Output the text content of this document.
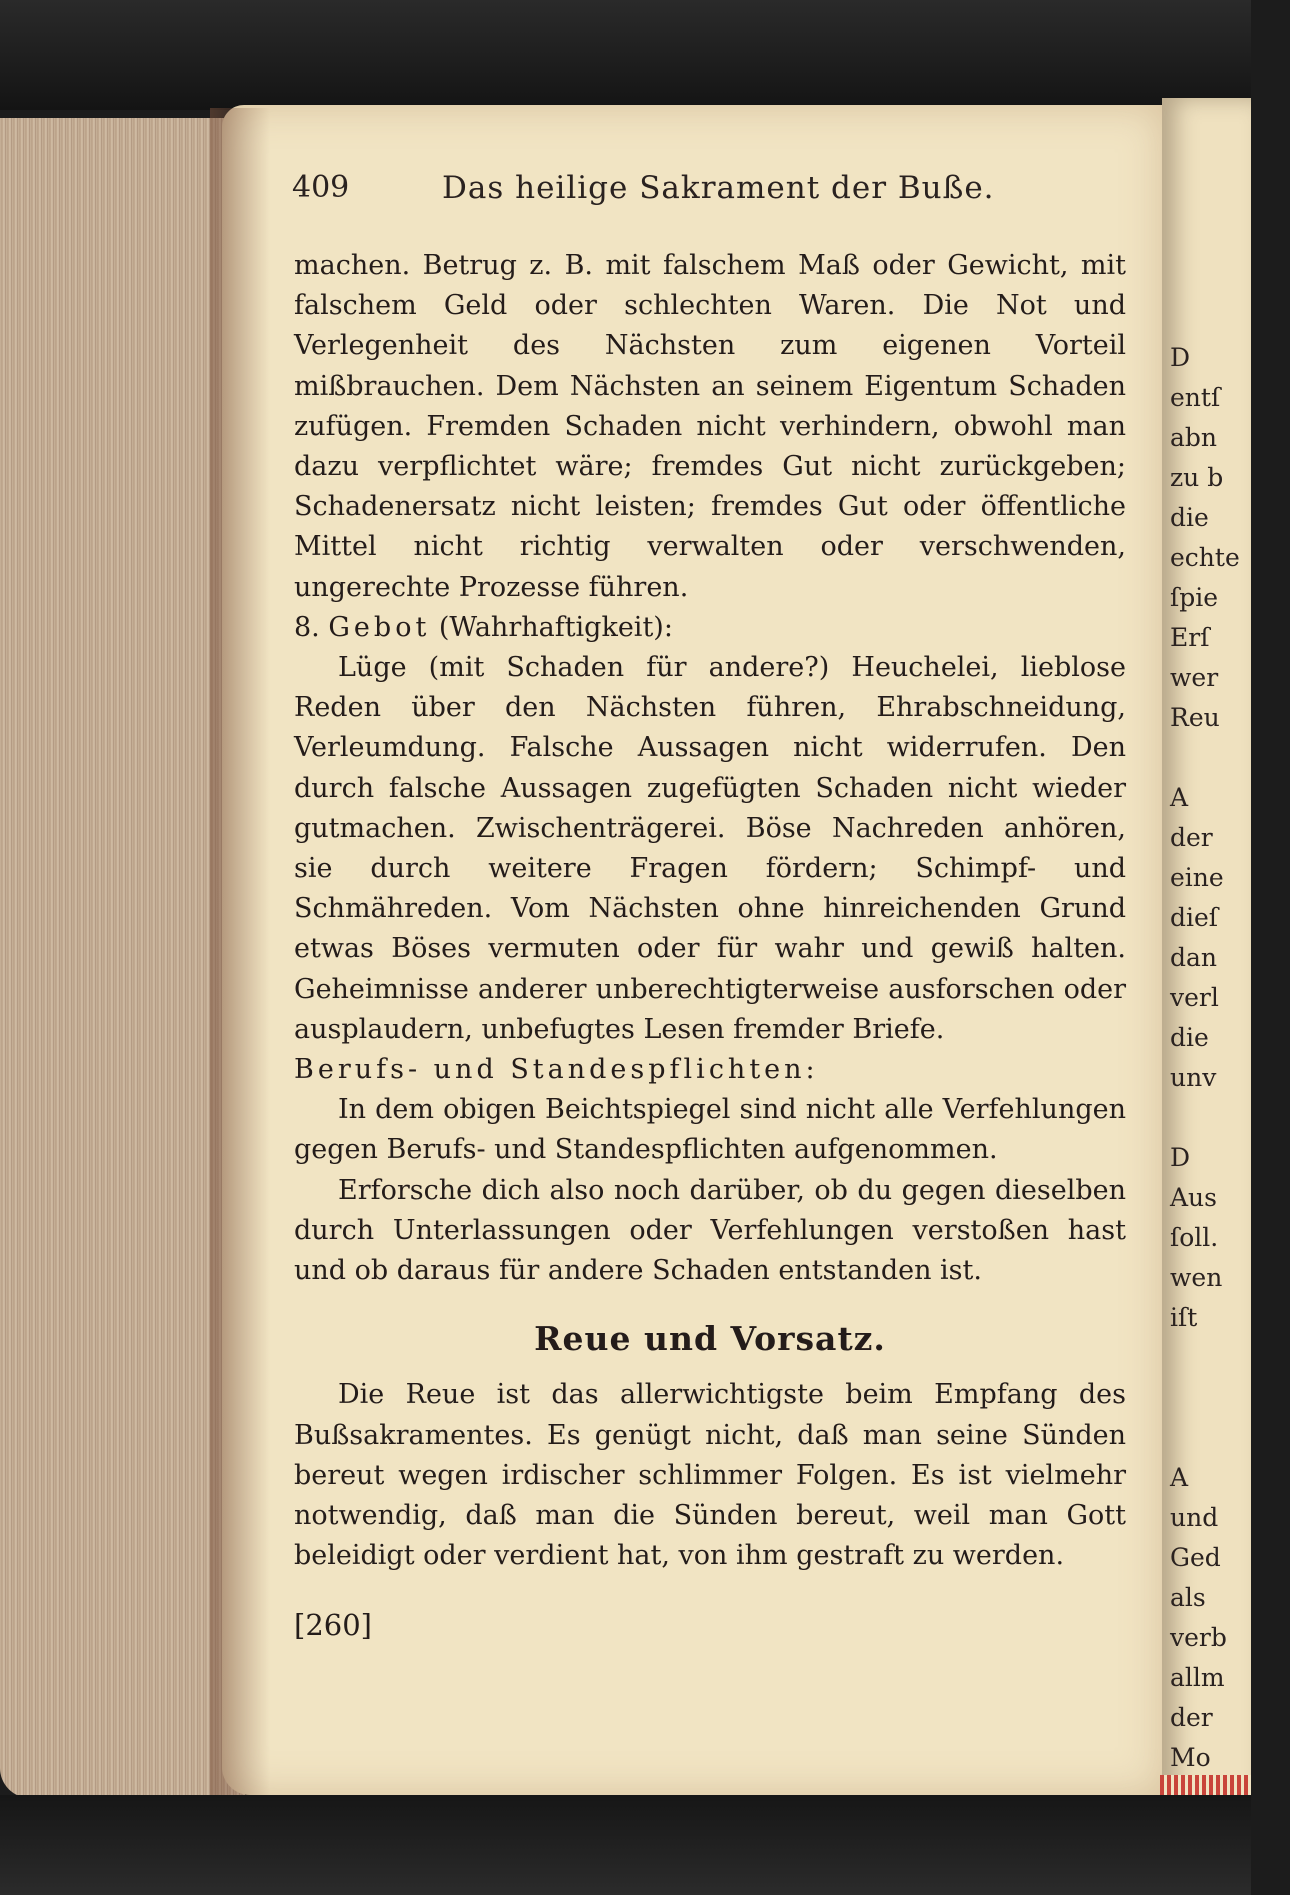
D
entſ
abn
zu b
die
echte
ſpie
Erſ
wer
Reu

A
der
eine
dieſ
dan
verl
die
unv

D
Aus
ſoll.
wen
iſt

A
und
Ged
als
verb
allm
der
Mo

409	Das heilige Sakrament der Buße.

machen. Betrug z. B. mit falschem Maß oder Gewicht, mit falschem Geld oder schlechten Waren. Die Not und Verlegenheit des Nächsten zum eigenen Vorteil mißbrauchen. Dem Nächsten an seinem Eigentum Schaden zufügen. Fremden Schaden nicht verhindern, obwohl man dazu verpflichtet wäre; fremdes Gut nicht zurückgeben; Schadenersatz nicht leisten; fremdes Gut oder öffentliche Mittel nicht richtig verwalten oder verschwenden, ungerechte Prozesse führen.

8. Gebot (Wahrhaftigkeit):

Lüge (mit Schaden für andere?) Heuchelei, lieblose Reden über den Nächsten führen, Ehrabschneidung, Verleumdung. Falsche Aussagen nicht widerrufen. Den durch falsche Aussagen zugefügten Schaden nicht wieder gutmachen. Zwischenträgerei. Böse Nachreden anhören, sie durch weitere Fragen fördern; Schimpf- und Schmähreden. Vom Nächsten ohne hinreichenden Grund etwas Böses vermuten oder für wahr und gewiß halten. Geheimnisse anderer unberechtigterweise ausforschen oder ausplaudern, unbefugtes Lesen fremder Briefe.

Berufs- und Standespflichten:

In dem obigen Beichtspiegel sind nicht alle Verfehlungen gegen Berufs- und Standespflichten aufgenommen.

Erforsche dich also noch darüber, ob du gegen dieselben durch Unterlassungen oder Verfehlungen verstoßen hast und ob daraus für andere Schaden entstanden ist.

Reue und Vorsatz.

Die Reue ist das allerwichtigste beim Empfang des Bußsakramentes. Es genügt nicht, daß man seine Sünden bereut wegen irdischer schlimmer Folgen. Es ist vielmehr notwendig, daß man die Sünden bereut, weil man Gott beleidigt oder verdient hat, von ihm gestraft zu werden.

[260]
